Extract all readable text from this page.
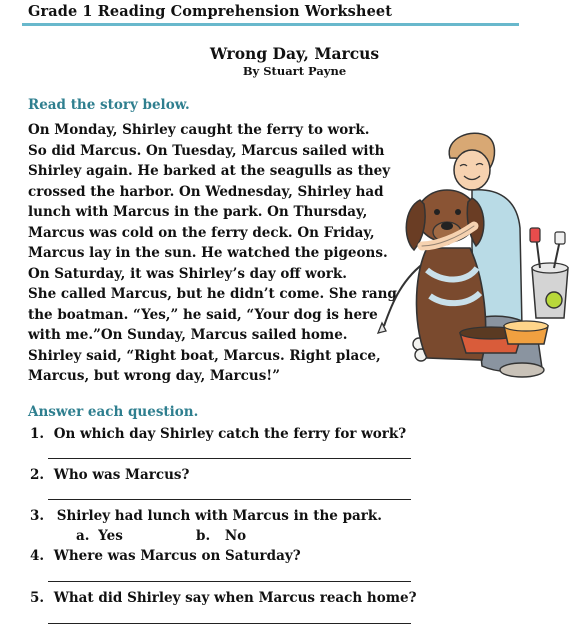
Grade 1 Reading Comprehension Worksheet
Wrong Day, Marcus
By Stuart Payne
Read the story below.
On Monday, Shirley caught the ferry to work.
So did Marcus. On Tuesday, Marcus sailed with
Shirley again. He barked at the seagulls as they
crossed the harbor. On Wednesday, Shirley had
lunch with Marcus in the park. On Thursday,
Marcus was cold on the ferry deck. On Friday,
Marcus lay in the sun. He watched the pigeons.
On Saturday, it was Shirley’s day off work.
She called Marcus, but he didn’t come. She rang
the boatman. “Yes,” he said, “Your dog is here
with me.”On Sunday, Marcus sailed home.
Shirley said, “Right boat, Marcus. Right place,
Marcus, but wrong day, Marcus!”
Answer each question.
1. On which day Shirley catch the ferry for work?
2. Who was Marcus?
3. Shirley had lunch with Marcus in the park.
a. Yes	b. No
4. Where was Marcus on Saturday?
5. What did Shirley say when Marcus reach home?
